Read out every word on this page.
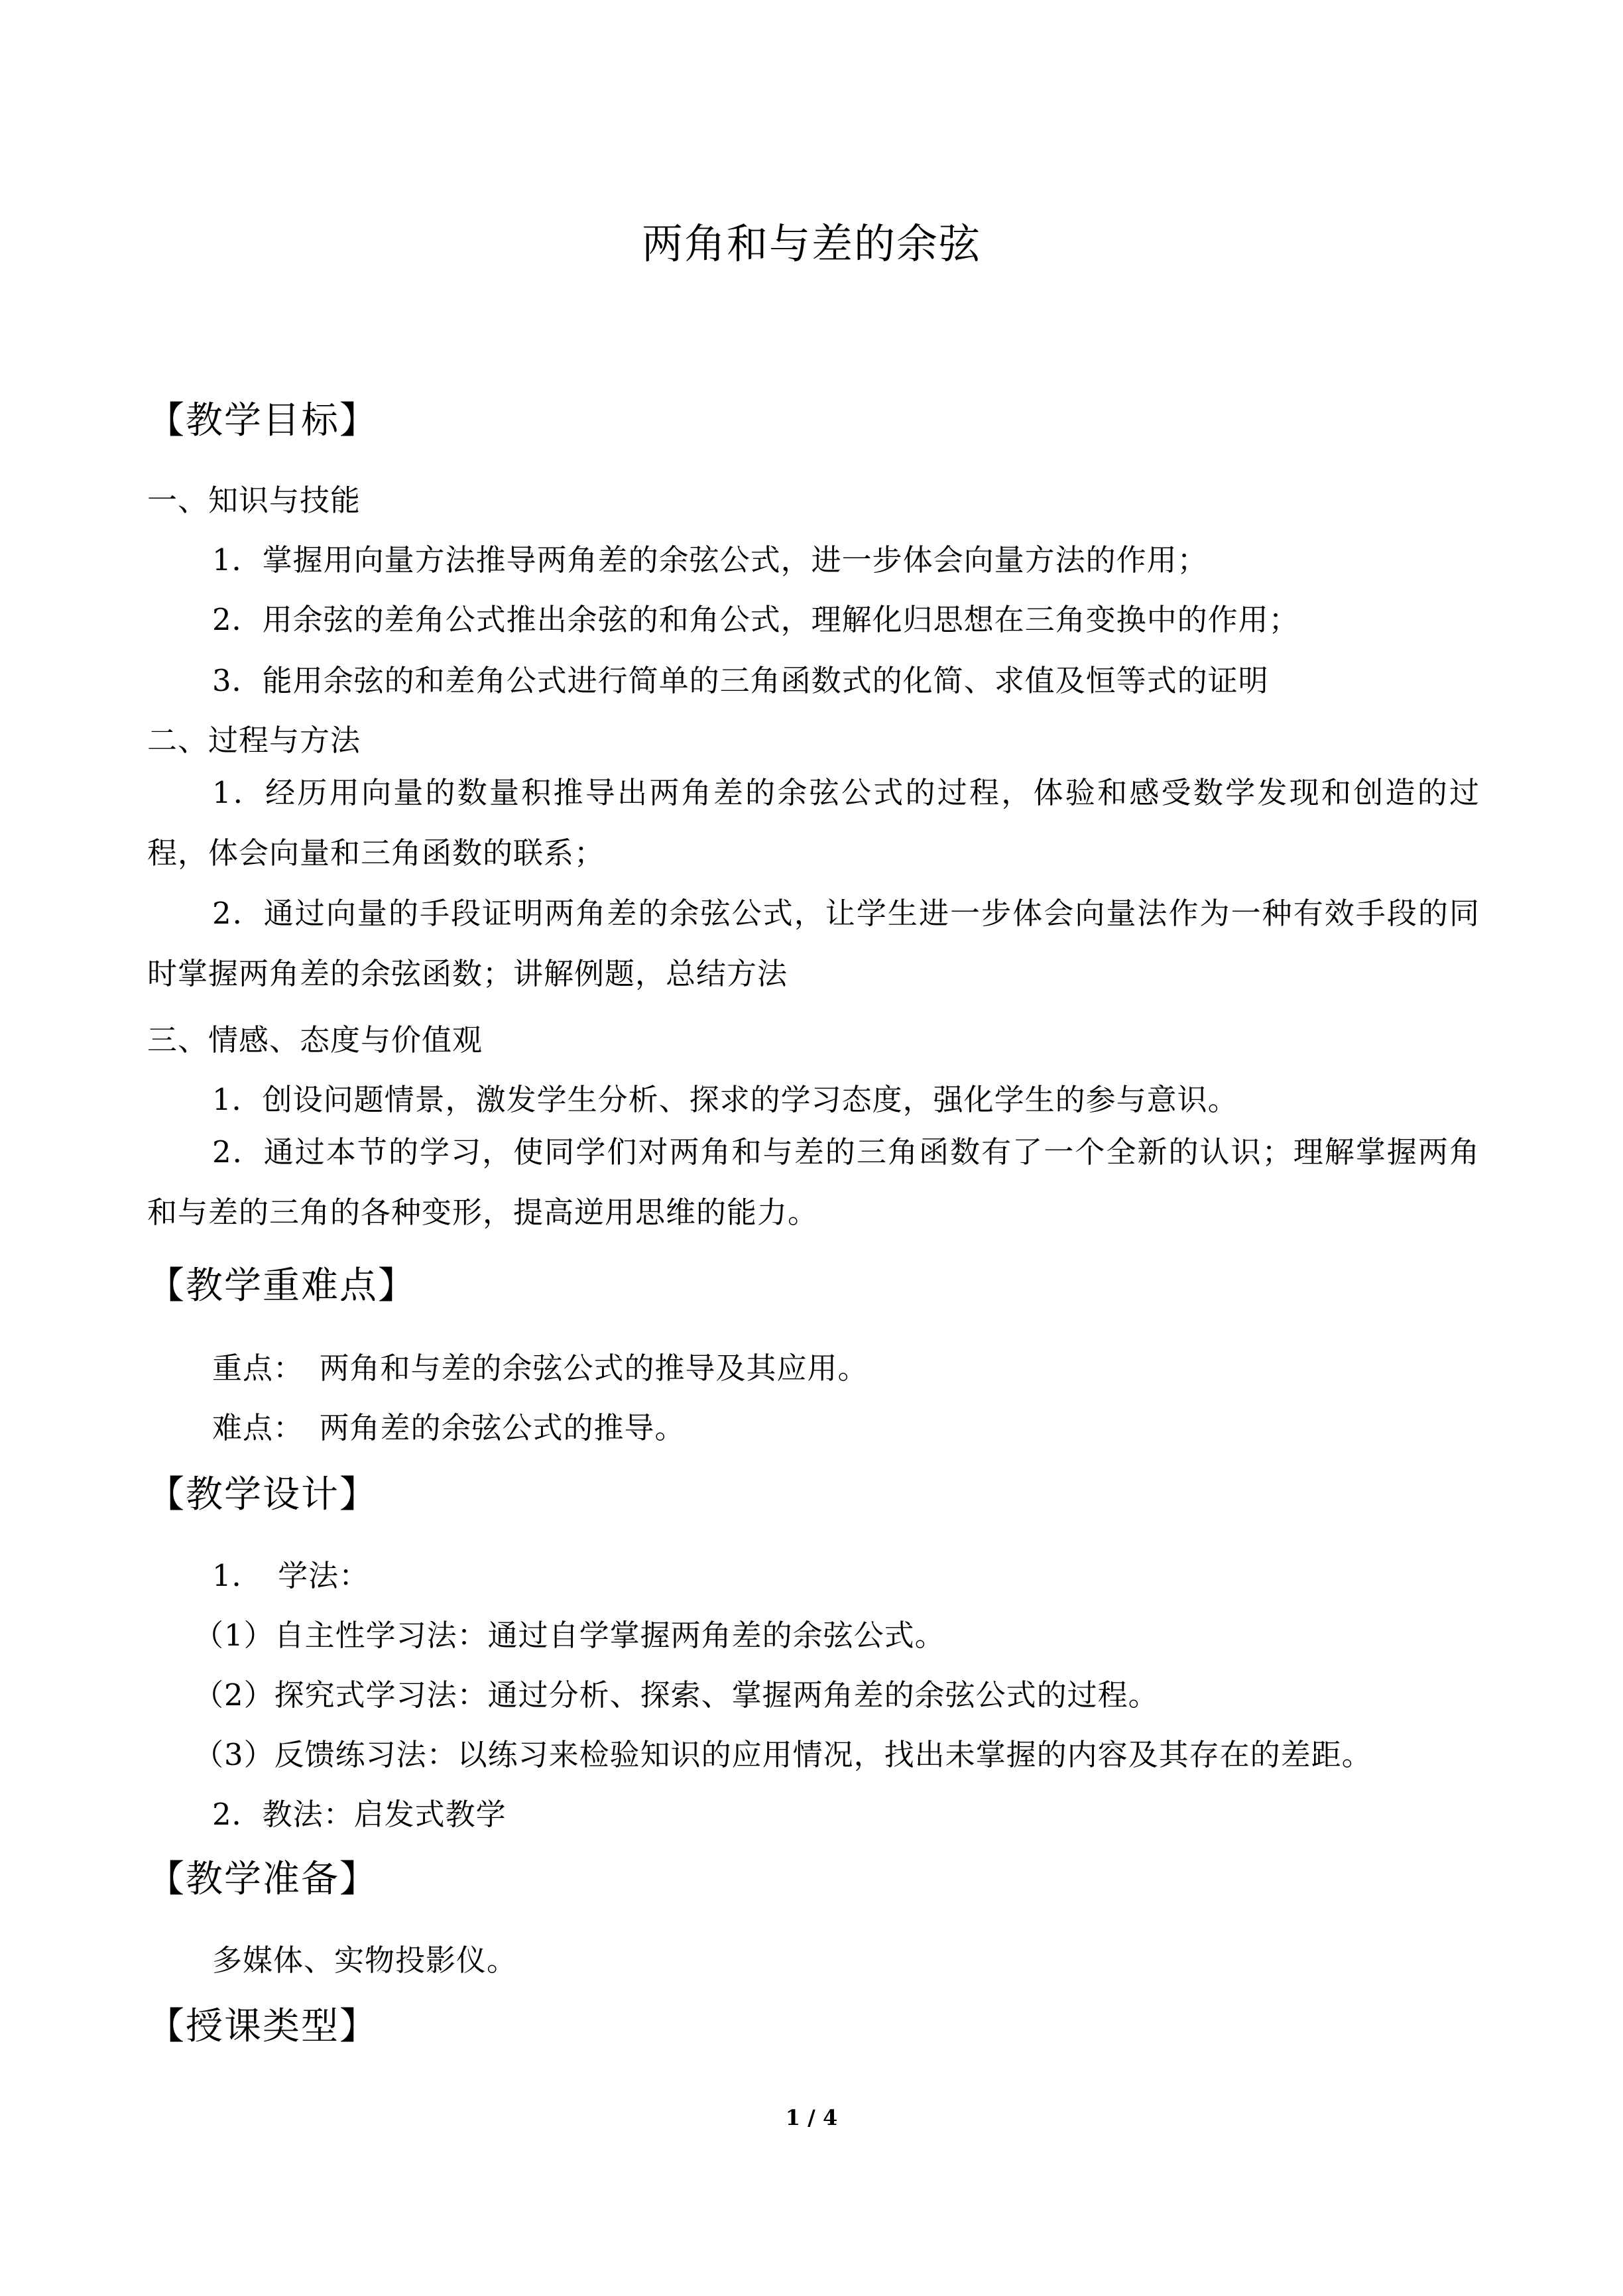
两角和与差的余弦
【教学目标】
一、知识与技能
1．掌握用向量方法推导两角差的余弦公式，进一步体会向量方法的作用；
2．用余弦的差角公式推出余弦的和角公式，理解化归思想在三角变换中的作用；
3．能用余弦的和差角公式进行简单的三角函数式的化简、求值及恒等式的证明
二、过程与方法
1．经历用向量的数量积推导出两角差的余弦公式的过程，体验和感受数学发现和创造的过程，体会向量和三角函数的联系；
2．通过向量的手段证明两角差的余弦公式，让学生进一步体会向量法作为一种有效手段的同时掌握两角差的余弦函数；讲解例题，总结方法
三、情感、态度与价值观
1．创设问题情景，激发学生分析、探求的学习态度，强化学生的参与意识。
2．通过本节的学习，使同学们对两角和与差的三角函数有了一个全新的认识；理解掌握两角和与差的三角的各种变形，提高逆用思维的能力。
【教学重难点】
重点：　两角和与差的余弦公式的推导及其应用。
难点：　两角差的余弦公式的推导。
【教学设计】
1．　学法：
（1）自主性学习法：通过自学掌握两角差的余弦公式。
（2）探究式学习法：通过分析、探索、掌握两角差的余弦公式的过程。
（3）反馈练习法：以练习来检验知识的应用情况，找出未掌握的内容及其存在的差距。
2．教法：启发式教学
【教学准备】
多媒体、实物投影仪。
【授课类型】
1 / 4
